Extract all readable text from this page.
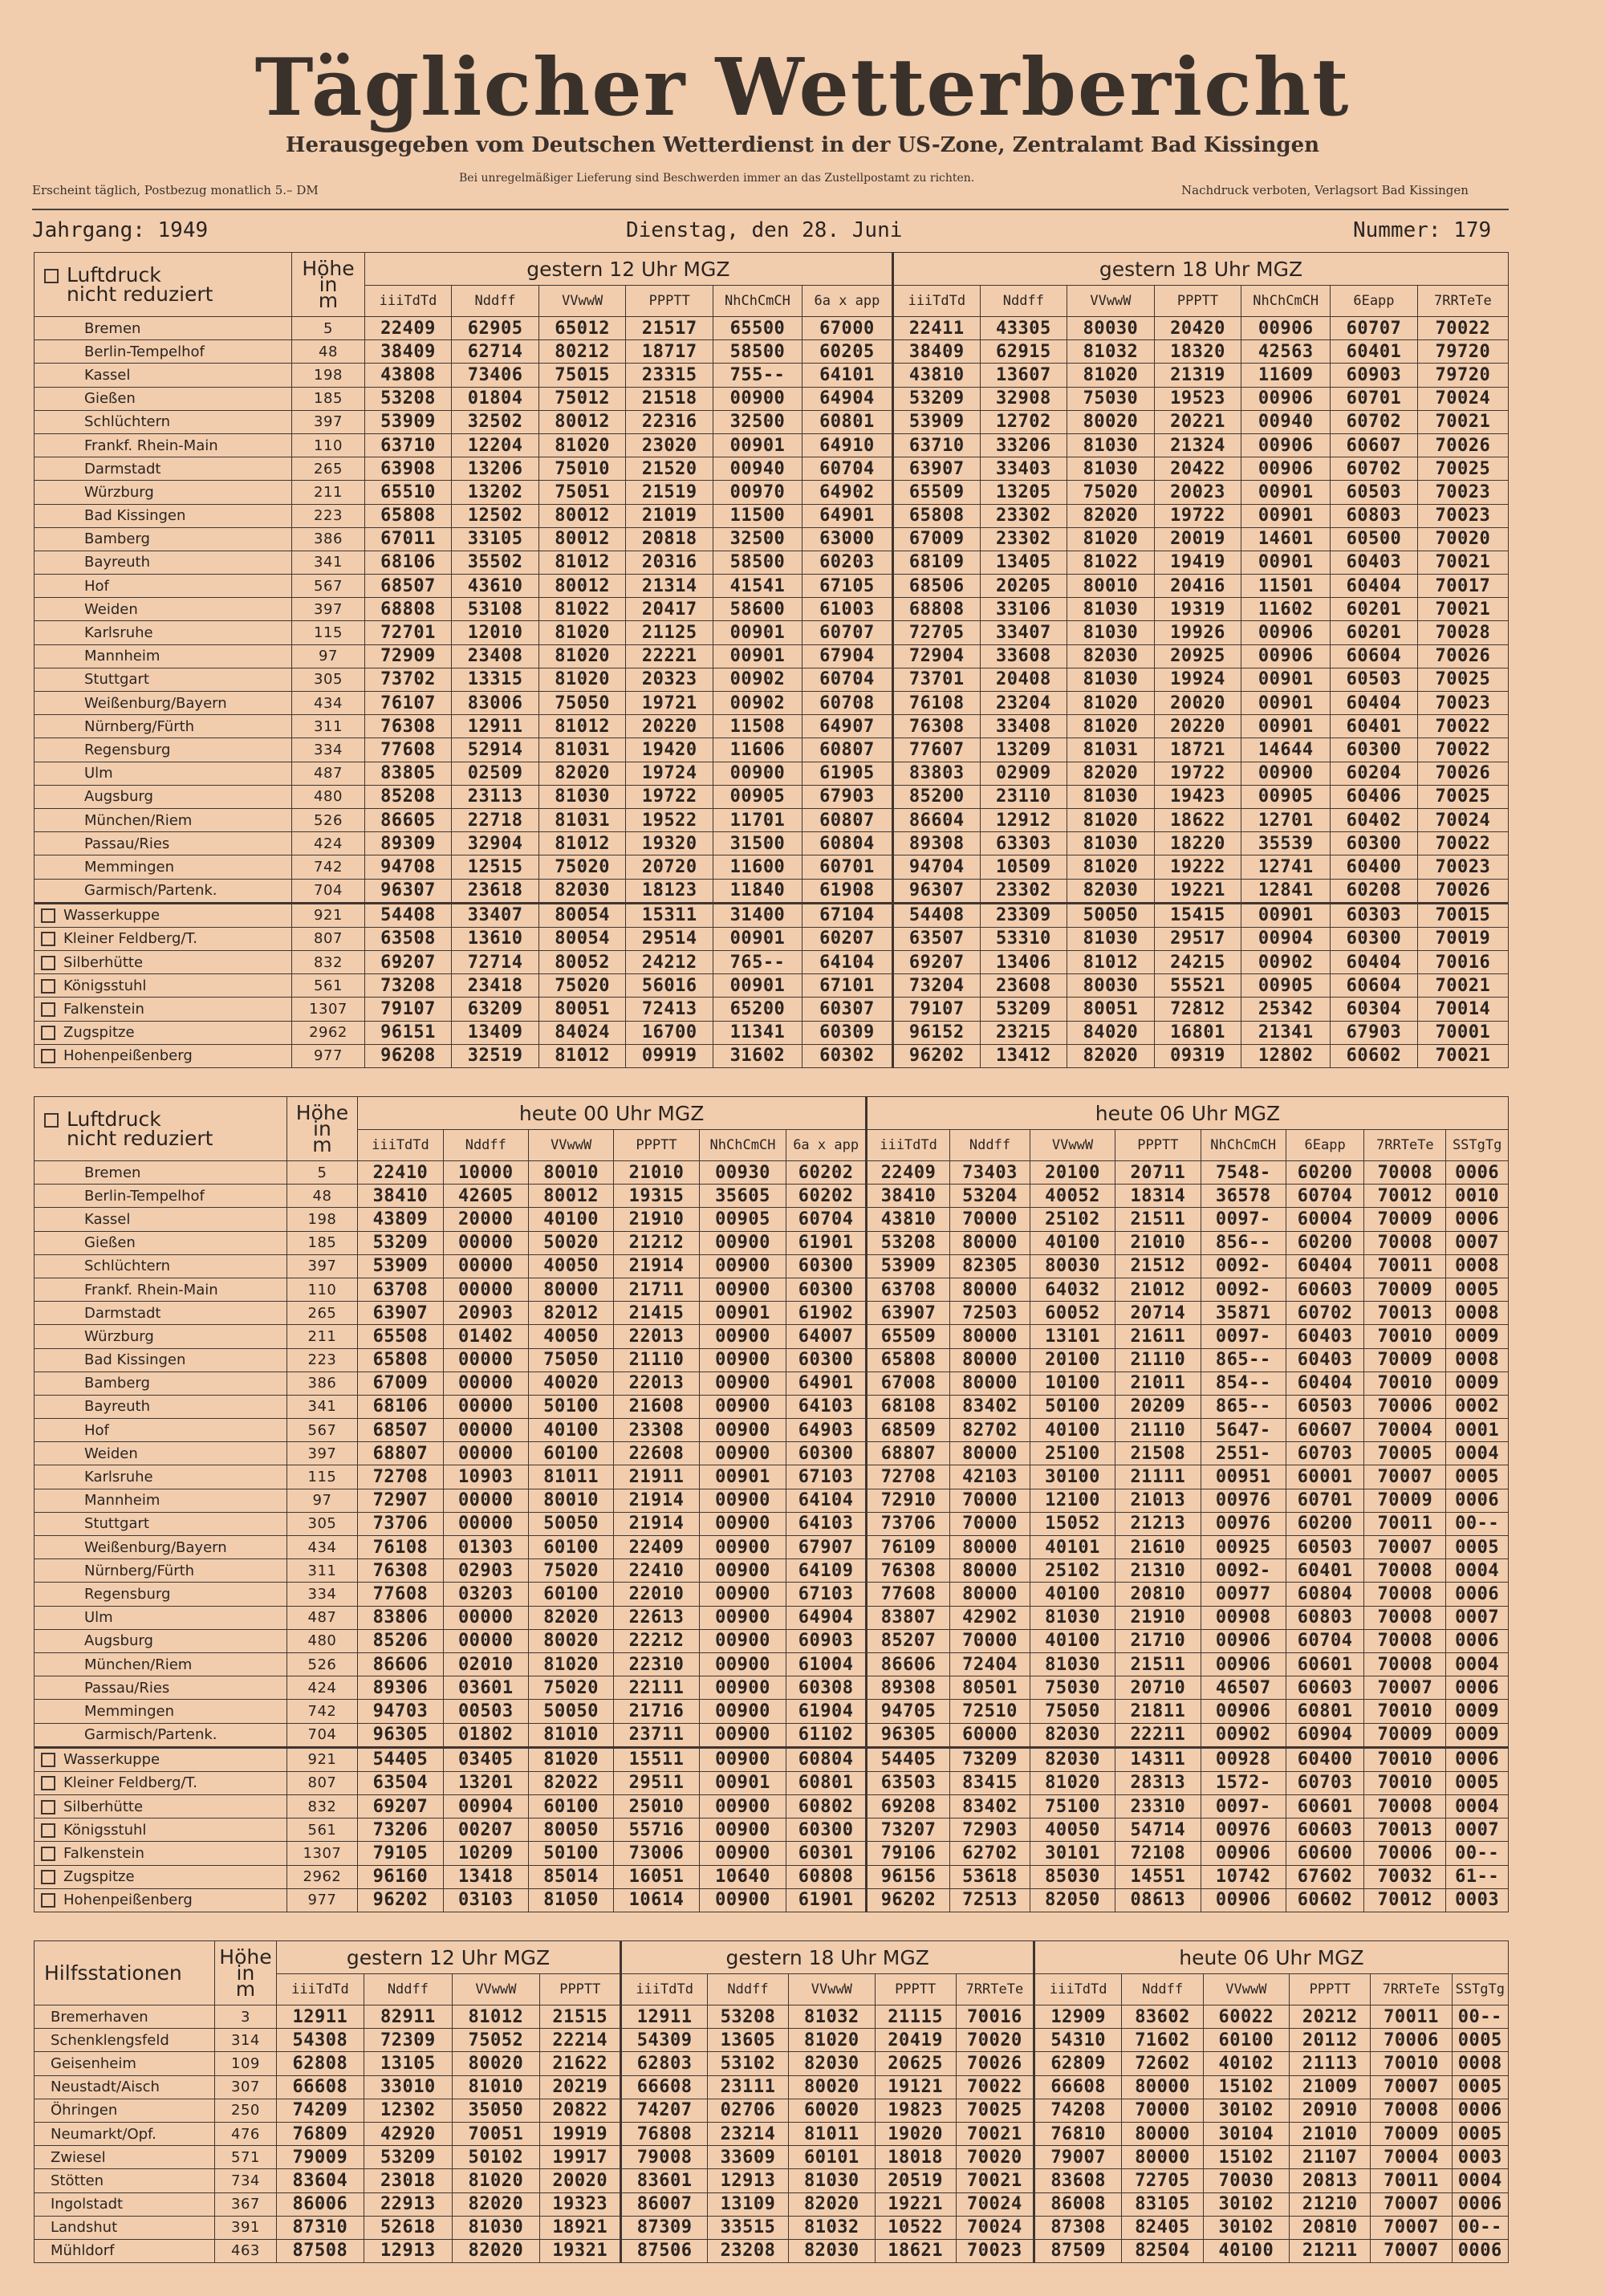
Täglicher Wetterbericht
Herausgegeben vom Deutschen Wetterdienst in der US-Zone, Zentralamt Bad Kissingen
Erscheint täglich, Postbezug monatlich 5.– DM
Bei unregelmäßiger Lieferung sind Beschwerden immer an das Zustellpostamt zu richten.
Nachdruck verboten, Verlagsort Bad Kissingen
Jahrgang: 1949	Dienstag, den 28. Juni	Nummer: 179
Luftdruck
nicht reduziert	Höhe
in
m	gestern 12 Uhr MGZ						gestern 18 Uhr MGZ						
		iiiTdTd	Nddff	VVwwW	PPPTT	NhChCmCH	6a x app	iiiTdTd	Nddff	VVwwW	PPPTT	NhChCmCH	6Eapp	7RRTeTe
Bremen	5	22409	62905	65012	21517	65500	67000	22411	43305	80030	20420	00906	60707	70022
Berlin-Tempelhof	48	38409	62714	80212	18717	58500	60205	38409	62915	81032	18320	42563	60401	79720
Kassel	198	43808	73406	75015	23315	755--	64101	43810	13607	81020	21319	11609	60903	79720
Gießen	185	53208	01804	75012	21518	00900	64904	53209	32908	75030	19523	00906	60701	70024
Schlüchtern	397	53909	32502	80012	22316	32500	60801	53909	12702	80020	20221	00940	60702	70021
Frankf. Rhein-Main	110	63710	12204	81020	23020	00901	64910	63710	33206	81030	21324	00906	60607	70026
Darmstadt	265	63908	13206	75010	21520	00940	60704	63907	33403	81030	20422	00906	60702	70025
Würzburg	211	65510	13202	75051	21519	00970	64902	65509	13205	75020	20023	00901	60503	70023
Bad Kissingen	223	65808	12502	80012	21019	11500	64901	65808	23302	82020	19722	00901	60803	70023
Bamberg	386	67011	33105	80012	20818	32500	63000	67009	23302	81020	20019	14601	60500	70020
Bayreuth	341	68106	35502	81012	20316	58500	60203	68109	13405	81022	19419	00901	60403	70021
Hof	567	68507	43610	80012	21314	41541	67105	68506	20205	80010	20416	11501	60404	70017
Weiden	397	68808	53108	81022	20417	58600	61003	68808	33106	81030	19319	11602	60201	70021
Karlsruhe	115	72701	12010	81020	21125	00901	60707	72705	33407	81030	19926	00906	60201	70028
Mannheim	97	72909	23408	81020	22221	00901	67904	72904	33608	82030	20925	00906	60604	70026
Stuttgart	305	73702	13315	81020	20323	00902	60704	73701	20408	81030	19924	00901	60503	70025
Weißenburg/Bayern	434	76107	83006	75050	19721	00902	60708	76108	23204	81020	20020	00901	60404	70023
Nürnberg/Fürth	311	76308	12911	81012	20220	11508	64907	76308	33408	81020	20220	00901	60401	70022
Regensburg	334	77608	52914	81031	19420	11606	60807	77607	13209	81031	18721	14644	60300	70022
Ulm	487	83805	02509	82020	19724	00900	61905	83803	02909	82020	19722	00900	60204	70026
Augsburg	480	85208	23113	81030	19722	00905	67903	85200	23110	81030	19423	00905	60406	70025
München/Riem	526	86605	22718	81031	19522	11701	60807	86604	12912	81020	18622	12701	60402	70024
Passau/Ries	424	89309	32904	81012	19320	31500	60804	89308	63303	81030	18220	35539	60300	70022
Memmingen	742	94708	12515	75020	20720	11600	60701	94704	10509	81020	19222	12741	60400	70023
Garmisch/Partenk.	704	96307	23618	82030	18123	11840	61908	96307	23302	82030	19221	12841	60208	70026
Wasserkuppe	921	54408	33407	80054	15311	31400	67104	54408	23309	50050	15415	00901	60303	70015
Kleiner Feldberg/T.	807	63508	13610	80054	29514	00901	60207	63507	53310	81030	29517	00904	60300	70019
Silberhütte	832	69207	72714	80052	24212	765--	64104	69207	13406	81012	24215	00902	60404	70016
Königsstuhl	561	73208	23418	75020	56016	00901	67101	73204	23608	80030	55521	00905	60604	70021
Falkenstein	1307	79107	63209	80051	72413	65200	60307	79107	53209	80051	72812	25342	60304	70014
Zugspitze	2962	96151	13409	84024	16700	11341	60309	96152	23215	84020	16801	21341	67903	70001
Hohenpeißenberg	977	96208	32519	81012	09919	31602	60302	96202	13412	82020	09319	12802	60602	70021
Luftdruck
nicht reduziert	Höhe
in
m	heute 00 Uhr MGZ						heute 06 Uhr MGZ							
		iiiTdTd	Nddff	VVwwW	PPPTT	NhChCmCH	6a x app	iiiTdTd	Nddff	VVwwW	PPPTT	NhChCmCH	6Eapp	7RRTeTe	SSTgTg
Bremen	5	22410	10000	80010	21010	00930	60202	22409	73403	20100	20711	7548-	60200	70008	0006
Berlin-Tempelhof	48	38410	42605	80012	19315	35605	60202	38410	53204	40052	18314	36578	60704	70012	0010
Kassel	198	43809	20000	40100	21910	00905	60704	43810	70000	25102	21511	0097-	60004	70009	0006
Gießen	185	53209	00000	50020	21212	00900	61901	53208	80000	40100	21010	856--	60200	70008	0007
Schlüchtern	397	53909	00000	40050	21914	00900	60300	53909	82305	80030	21512	0092-	60404	70011	0008
Frankf. Rhein-Main	110	63708	00000	80000	21711	00900	60300	63708	80000	64032	21012	0092-	60603	70009	0005
Darmstadt	265	63907	20903	82012	21415	00901	61902	63907	72503	60052	20714	35871	60702	70013	0008
Würzburg	211	65508	01402	40050	22013	00900	64007	65509	80000	13101	21611	0097-	60403	70010	0009
Bad Kissingen	223	65808	00000	75050	21110	00900	60300	65808	80000	20100	21110	865--	60403	70009	0008
Bamberg	386	67009	00000	40020	22013	00900	64901	67008	80000	10100	21011	854--	60404	70010	0009
Bayreuth	341	68106	00000	50100	21608	00900	64103	68108	83402	50100	20209	865--	60503	70006	0002
Hof	567	68507	00000	40100	23308	00900	64903	68509	82702	40100	21110	5647-	60607	70004	0001
Weiden	397	68807	00000	60100	22608	00900	60300	68807	80000	25100	21508	2551-	60703	70005	0004
Karlsruhe	115	72708	10903	81011	21911	00901	67103	72708	42103	30100	21111	00951	60001	70007	0005
Mannheim	97	72907	00000	80010	21914	00900	64104	72910	70000	12100	21013	00976	60701	70009	0006
Stuttgart	305	73706	00000	50050	21914	00900	64103	73706	70000	15052	21213	00976	60200	70011	00--
Weißenburg/Bayern	434	76108	01303	60100	22409	00900	67907	76109	80000	40101	21610	00925	60503	70007	0005
Nürnberg/Fürth	311	76308	02903	75020	22410	00900	64109	76308	80000	25102	21310	0092-	60401	70008	0004
Regensburg	334	77608	03203	60100	22010	00900	67103	77608	80000	40100	20810	00977	60804	70008	0006
Ulm	487	83806	00000	82020	22613	00900	64904	83807	42902	81030	21910	00908	60803	70008	0007
Augsburg	480	85206	00000	80020	22212	00900	60903	85207	70000	40100	21710	00906	60704	70008	0006
München/Riem	526	86606	02010	81020	22310	00900	61004	86606	72404	81030	21511	00906	60601	70008	0004
Passau/Ries	424	89306	03601	75020	22111	00900	60308	89308	80501	75030	20710	46507	60603	70007	0006
Memmingen	742	94703	00503	50050	21716	00900	61904	94705	72510	75050	21811	00906	60801	70010	0009
Garmisch/Partenk.	704	96305	01802	81010	23711	00900	61102	96305	60000	82030	22211	00902	60904	70009	0009
Wasserkuppe	921	54405	03405	81020	15511	00900	60804	54405	73209	82030	14311	00928	60400	70010	0006
Kleiner Feldberg/T.	807	63504	13201	82022	29511	00901	60801	63503	83415	81020	28313	1572-	60703	70010	0005
Silberhütte	832	69207	00904	60100	25010	00900	60802	69208	83402	75100	23310	0097-	60601	70008	0004
Königsstuhl	561	73206	00207	80050	55716	00900	60300	73207	72903	40050	54714	00976	60603	70013	0007
Falkenstein	1307	79105	10209	50100	73006	00900	60301	79106	62702	30101	72108	00906	60600	70006	00--
Zugspitze	2962	96160	13418	85014	16051	10640	60808	96156	53618	85030	14551	10742	67602	70032	61--
Hohenpeißenberg	977	96202	03103	81050	10614	00900	61901	96202	72513	82050	08613	00906	60602	70012	0003
Hilfsstationen	Höhe
in
m	gestern 12 Uhr MGZ				gestern 18 Uhr MGZ					heute 06 Uhr MGZ					
		iiiTdTd	Nddff	VVwwW	PPPTT	iiiTdTd	Nddff	VVwwW	PPPTT	7RRTeTe	iiiTdTd	Nddff	VVwwW	PPPTT	7RRTeTe	SSTgTg
Bremerhaven	3	12911	82911	81012	21515	12911	53208	81032	21115	70016	12909	83602	60022	20212	70011	00--
Schenklengsfeld	314	54308	72309	75052	22214	54309	13605	81020	20419	70020	54310	71602	60100	20112	70006	0005
Geisenheim	109	62808	13105	80020	21622	62803	53102	82030	20625	70026	62809	72602	40102	21113	70010	0008
Neustadt/Aisch	307	66608	33010	81010	20219	66608	23111	80020	19121	70022	66608	80000	15102	21009	70007	0005
Öhringen	250	74209	12302	35050	20822	74207	02706	60020	19823	70025	74208	70000	30102	20910	70008	0006
Neumarkt/Opf.	476	76809	42920	70051	19919	76808	23214	81011	19020	70021	76810	80000	30104	21010	70009	0005
Zwiesel	571	79009	53209	50102	19917	79008	33609	60101	18018	70020	79007	80000	15102	21107	70004	0003
Stötten	734	83604	23018	81020	20020	83601	12913	81030	20519	70021	83608	72705	70030	20813	70011	0004
Ingolstadt	367	86006	22913	82020	19323	86007	13109	82020	19221	70024	86008	83105	30102	21210	70007	0006
Landshut	391	87310	52618	81030	18921	87309	33515	81032	10522	70024	87308	82405	30102	20810	70007	00--
Mühldorf	463	87508	12913	82020	19321	87506	23208	82030	18621	70023	87509	82504	40100	21211	70007	0006
